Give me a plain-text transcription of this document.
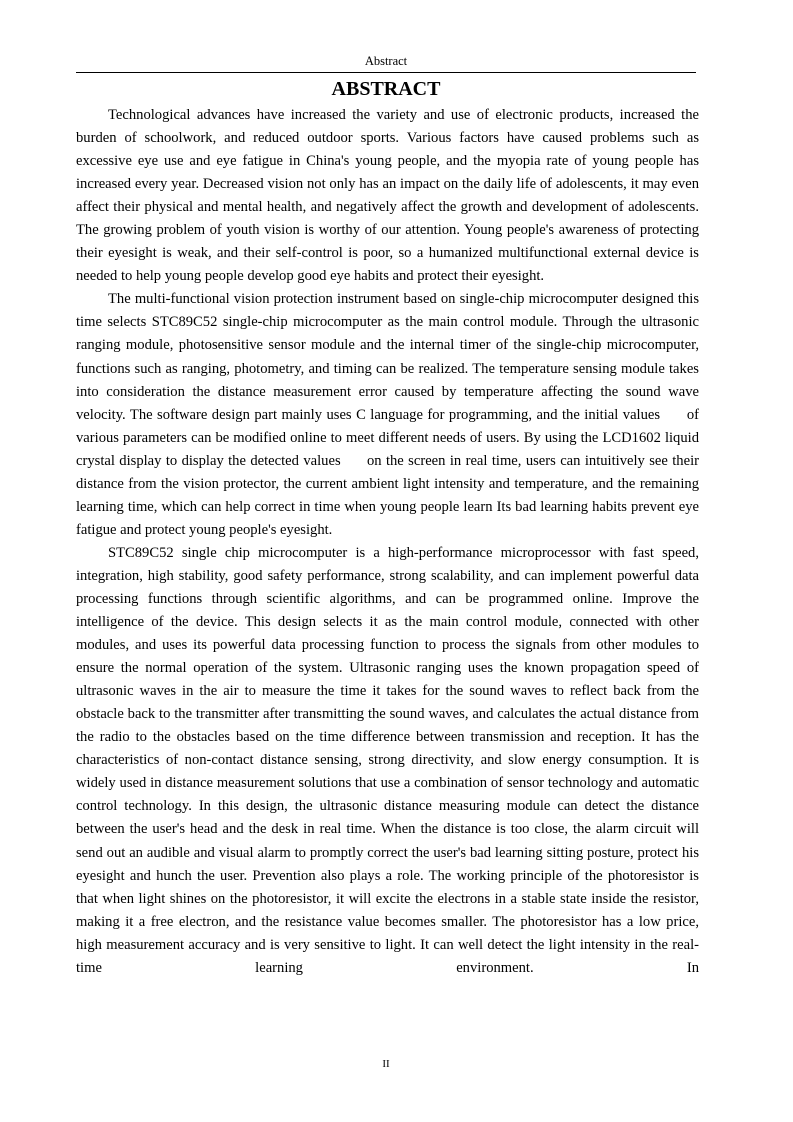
Abstract
ABSTRACT

Technological advances have increased the variety and use of electronic products, increased the burden of schoolwork, and reduced outdoor sports. Various factors have caused problems such as excessive eye use and eye fatigue in China's young people, and the myopia rate of young people has increased every year. Decreased vision not only has an impact on the daily life of adolescents, it may even affect their physical and mental health, and negatively affect the growth and development of adolescents. The growing problem of youth vision is worthy of our attention. Young people's awareness of protecting their eyesight is weak, and their self-control is poor, so a humanized multifunctional external device is needed to help young people develop good eye habits and protect their eyesight.

The multi-functional vision protection instrument based on single-chip microcomputer designed this time selects STC89C52 single-chip microcomputer as the main control module. Through the ultrasonic ranging module, photosensitive sensor module and the internal timer of the single-chip microcomputer, functions such as ranging, photometry, and timing can be realized. The temperature sensing module takes into consideration the distance measurement error caused by temperature affecting the sound wave velocity. The software design part mainly uses C language for programming, and the initial values      of various parameters can be modified online to meet different needs of users. By using the LCD1602 liquid crystal display to display the detected values      on the screen in real time, users can intuitively see their distance from the vision protector, the current ambient light intensity and temperature, and the remaining learning time, which can help correct in time when young people learn Its bad learning habits prevent eye fatigue and protect young people's eyesight.

STC89C52 single chip microcomputer is a high-performance microprocessor with fast speed, integration, high stability, good safety performance, strong scalability, and can implement powerful data processing functions through scientific algorithms, and can be programmed online. Improve the intelligence of the device. This design selects it as the main control module, connected with other modules, and uses its powerful data processing function to process the signals from other modules to ensure the normal operation of the system. Ultrasonic ranging uses the known propagation speed of ultrasonic waves in the air to measure the time it takes for the sound waves to reflect back from the obstacle back to the transmitter after transmitting the sound waves, and calculates the actual distance from the radio to the obstacles based on the time difference between transmission and reception. It has the characteristics of non-contact distance sensing, strong directivity, and slow energy consumption. It is widely used in distance measurement solutions that use a combination of sensor technology and automatic control technology. In this design, the ultrasonic distance measuring module can detect the distance between the user's head and the desk in real time. When the distance is too close, the alarm circuit will send out an audible and visual alarm to promptly correct the user's bad learning sitting posture, protect his eyesight and hunch the user. Prevention also plays a role. The working principle of the photoresistor is that when light shines on the photoresistor, it will excite the electrons in a stable state inside the resistor, making it a free electron, and the resistance value becomes smaller. The photoresistor has a low price, high measurement accuracy and is very sensitive to light. It can well detect the light intensity in the real-time learning environment. In

II
